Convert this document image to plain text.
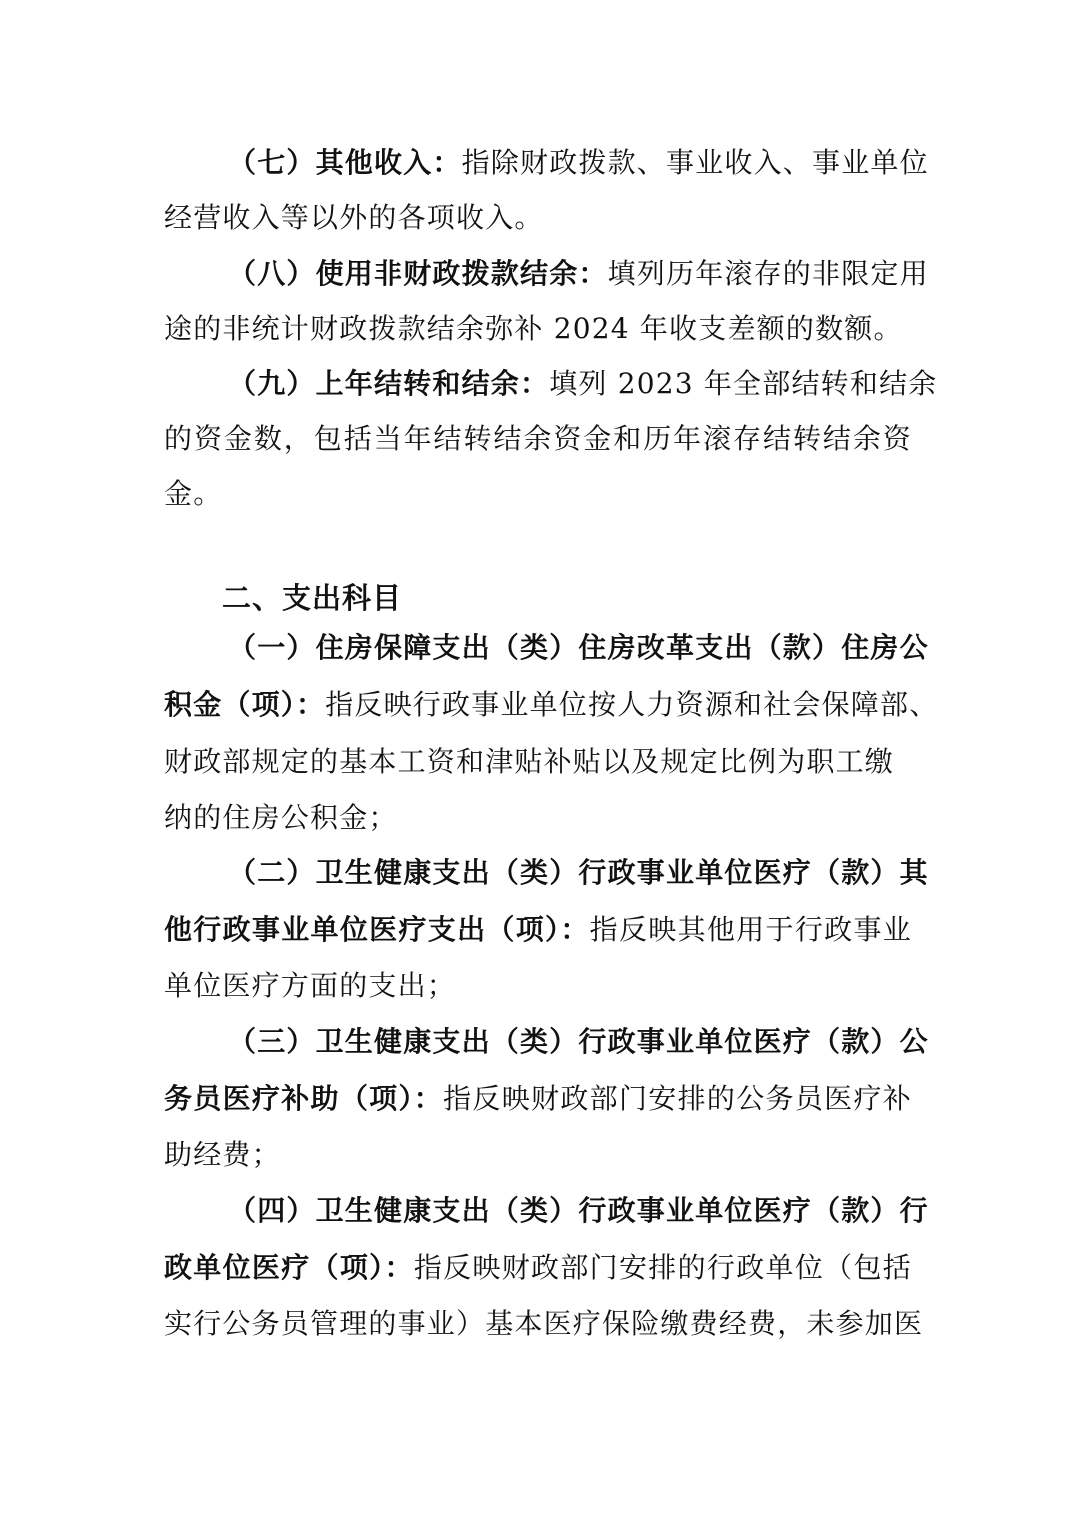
（七）其他收入：指除财政拨款、事业收入、事业单位
经营收入等以外的各项收入。
（八）使用非财政拨款结余：填列历年滚存的非限定用
途的非统计财政拨款结余弥补 2024 年收支差额的数额。
（九）上年结转和结余：填列 2023 年全部结转和结余
的资金数，包括当年结转结余资金和历年滚存结转结余资
金。
二、支出科目
（一）住房保障支出（类）住房改革支出（款）住房公
积金（项）：指反映行政事业单位按人力资源和社会保障部、
财政部规定的基本工资和津贴补贴以及规定比例为职工缴
纳的住房公积金；
（二）卫生健康支出（类）行政事业单位医疗（款）其
他行政事业单位医疗支出（项）：指反映其他用于行政事业
单位医疗方面的支出；
（三）卫生健康支出（类）行政事业单位医疗（款）公
务员医疗补助（项）：指反映财政部门安排的公务员医疗补
助经费；
（四）卫生健康支出（类）行政事业单位医疗（款）行
政单位医疗（项）：指反映财政部门安排的行政单位（包括
实行公务员管理的事业）基本医疗保险缴费经费，未参加医
